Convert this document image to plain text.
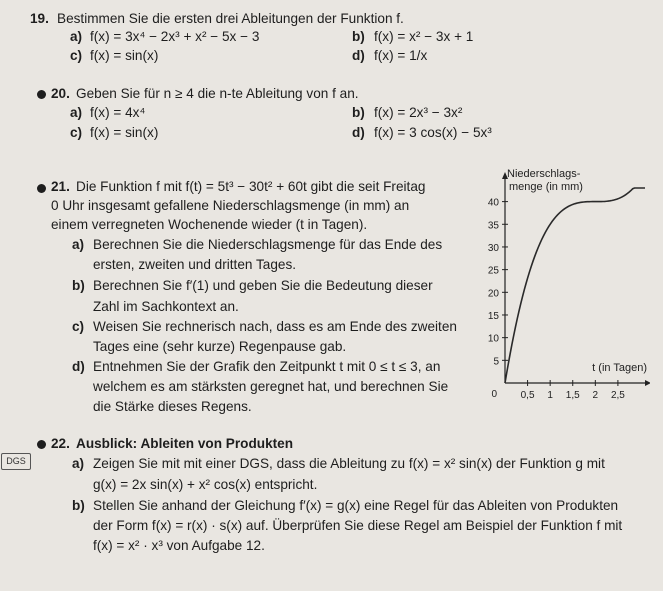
19. Bestimmen Sie die ersten drei Ableitungen der Funktion f.
a) f(x) = 3x⁴ − 2x³ + x² − 5x − 3	b) f(x) = x² − 3x + 1
c) f(x) = sin(x)	d) f(x) = 1/x
20. Geben Sie für n ≥ 4 die n-te Ableitung von f an.
a) f(x) = 4x⁴	b) f(x) = 2x³ − 3x²
c) f(x) = sin(x)	d) f(x) = 3 cos(x) − 5x³
21. Die Funktion f mit f(t) = 5t³ − 30t² + 60t gibt die seit Freitag
0 Uhr insgesamt gefallene Niederschlagsmenge (in mm) an
einem verregneten Wochenende wieder (t in Tagen).
a) Berechnen Sie die Niederschlagsmenge für das Ende des
ersten, zweiten und dritten Tages.
b) Berechnen Sie f′(1) und geben Sie die Bedeutung dieser
Zahl im Sachkontext an.
c) Weisen Sie rechnerisch nach, dass es am Ende des zweiten
Tages eine (sehr kurze) Regenpause gab.
d) Entnehmen Sie der Grafik den Zeitpunkt t mit 0 ≤ t ≤ 3, an
welchem es am stärksten geregnet hat, und berechnen Sie
die Stärke dieses Regens.
0,5 1 1,5 2 2,5
5
10
15
20
25
30
35
40
0
Niederschlags-
menge (in mm)
t (in Tagen)
DGS
22. Ausblick: Ableiten von Produkten
a) Zeigen Sie mit mit einer DGS, dass die Ableitung zu f(x) = x² sin(x) der Funktion g mit
g(x) = 2x sin(x) + x² cos(x) entspricht.
b) Stellen Sie anhand der Gleichung f′(x) = g(x) eine Regel für das Ableiten von Produkten
der Form f(x) = r(x) · s(x) auf. Überprüfen Sie diese Regel am Beispiel der Funktion f mit
f(x) = x² · x³ von Aufgabe 12.
